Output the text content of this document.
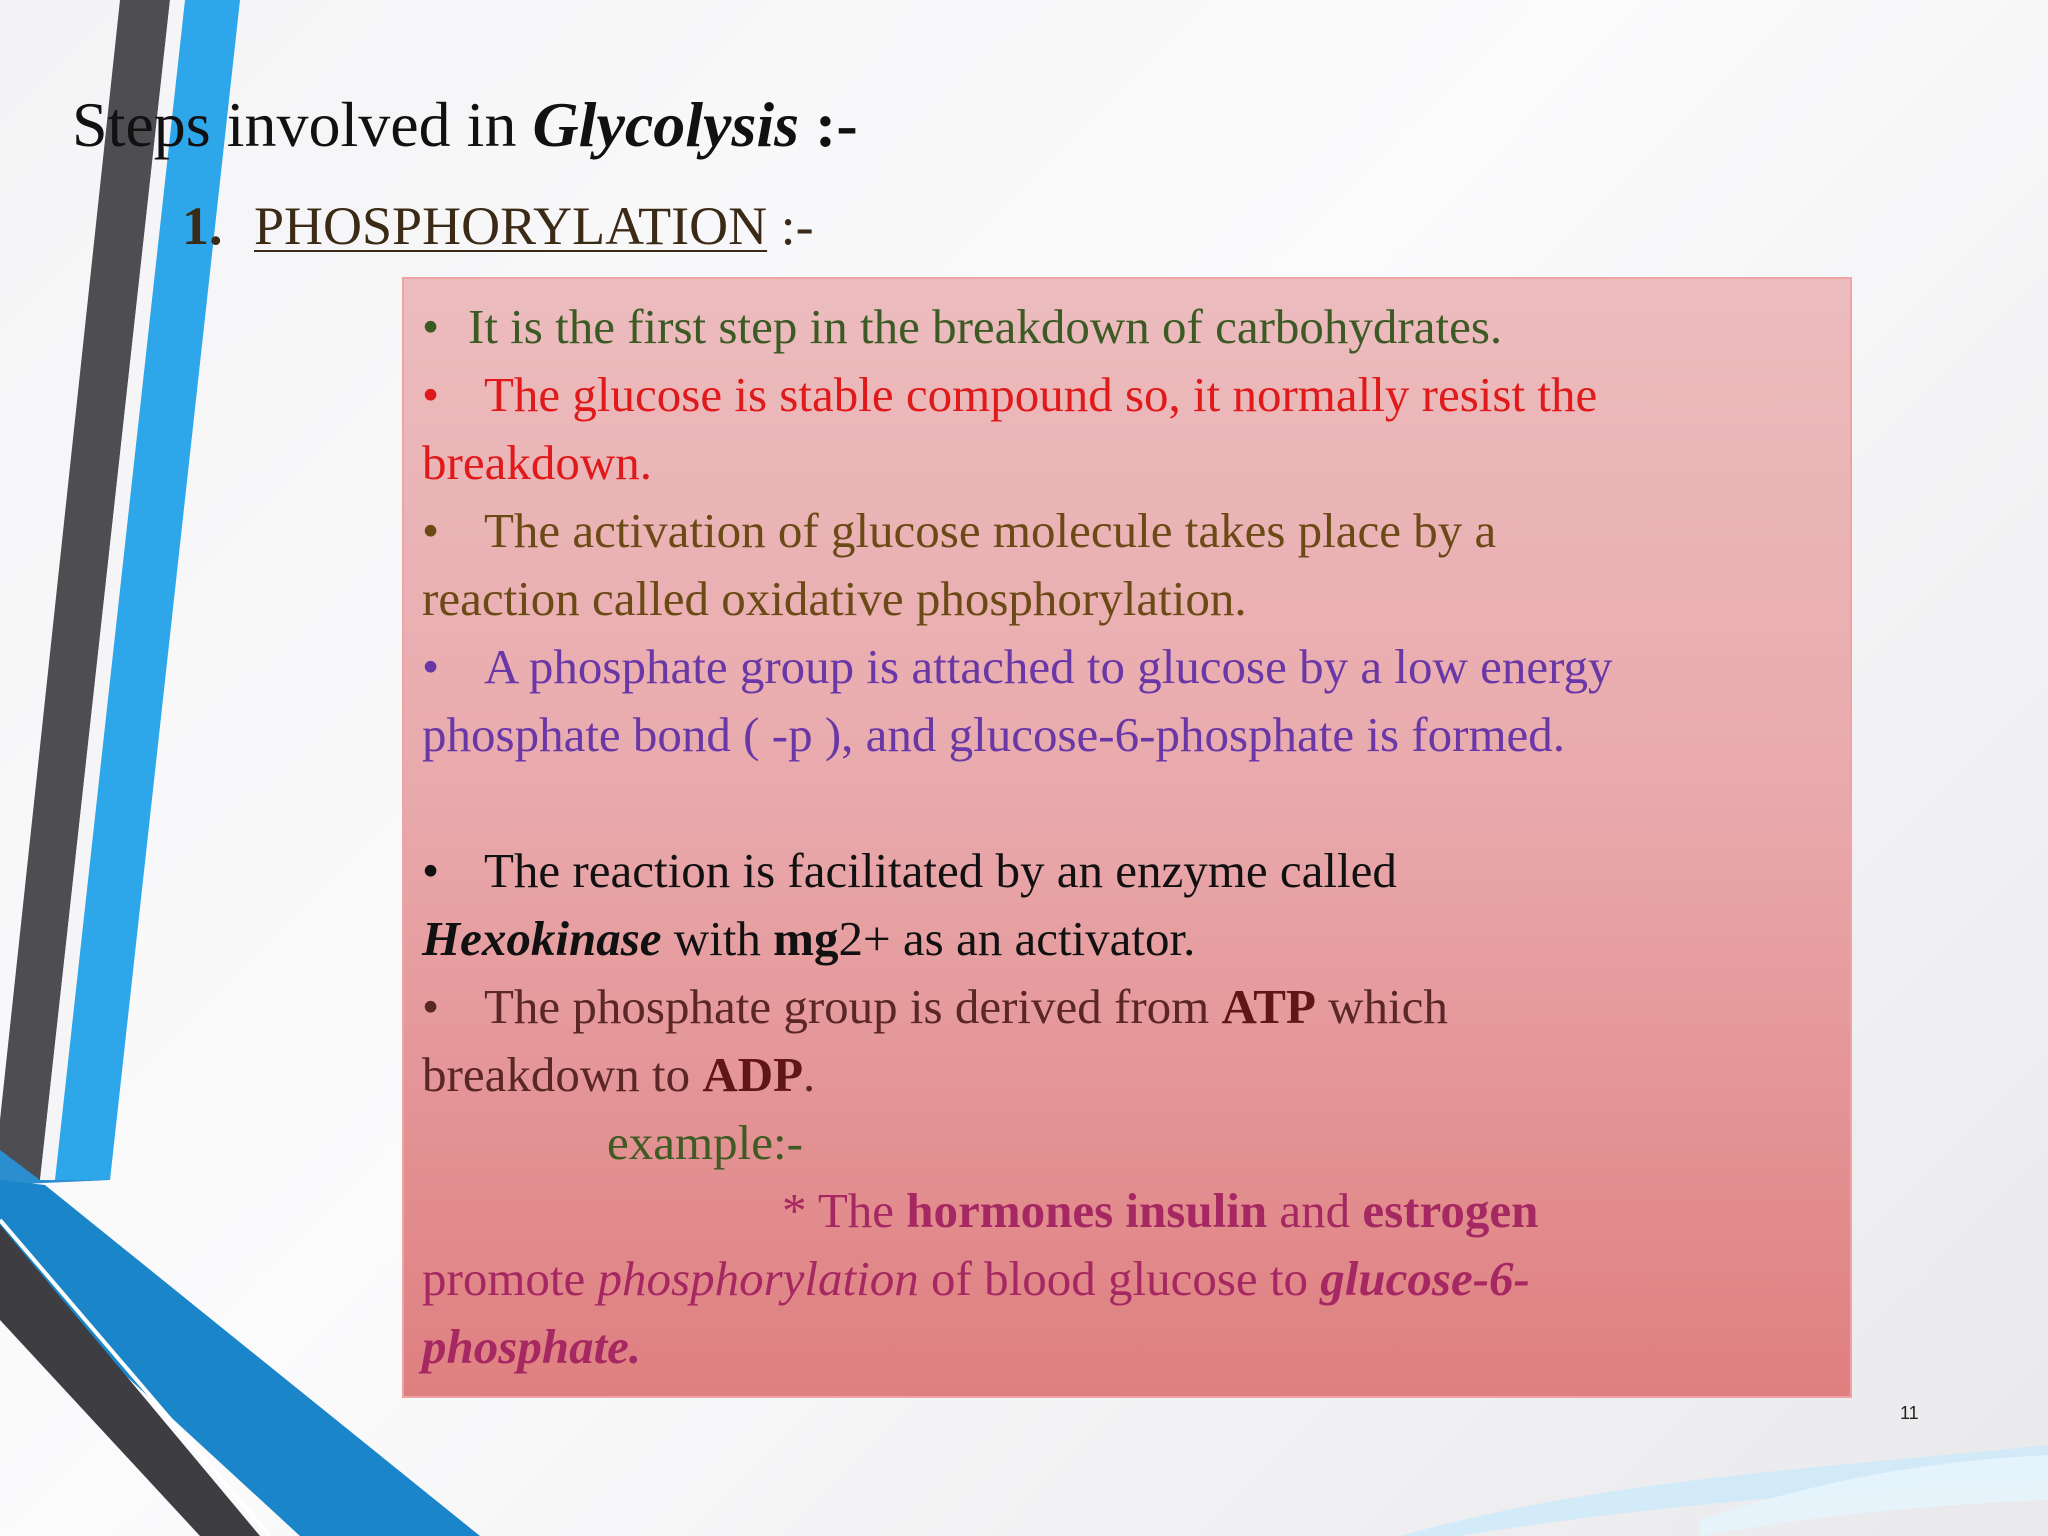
Steps involved in Glycolysis :-
1. PHOSPHORYLATION :-

• It is the first step in the breakdown of carbohydrates.

• The glucose is stable compound so, it normally resist the
breakdown.

• The activation of glucose molecule takes place by a
reaction called oxidative phosphorylation.

• A phosphate group is attached to glucose by a low energy
phosphate bond ( -p ), and glucose-6-phosphate is formed.

• The reaction is facilitated by an enzyme called
Hexokinase with mg2+ as an activator.

• The phosphate group is derived from ATP which
breakdown to ADP.

example:-

* The hormones insulin and estrogen
promote phosphorylation of blood glucose to glucose-6-
phosphate.

11
